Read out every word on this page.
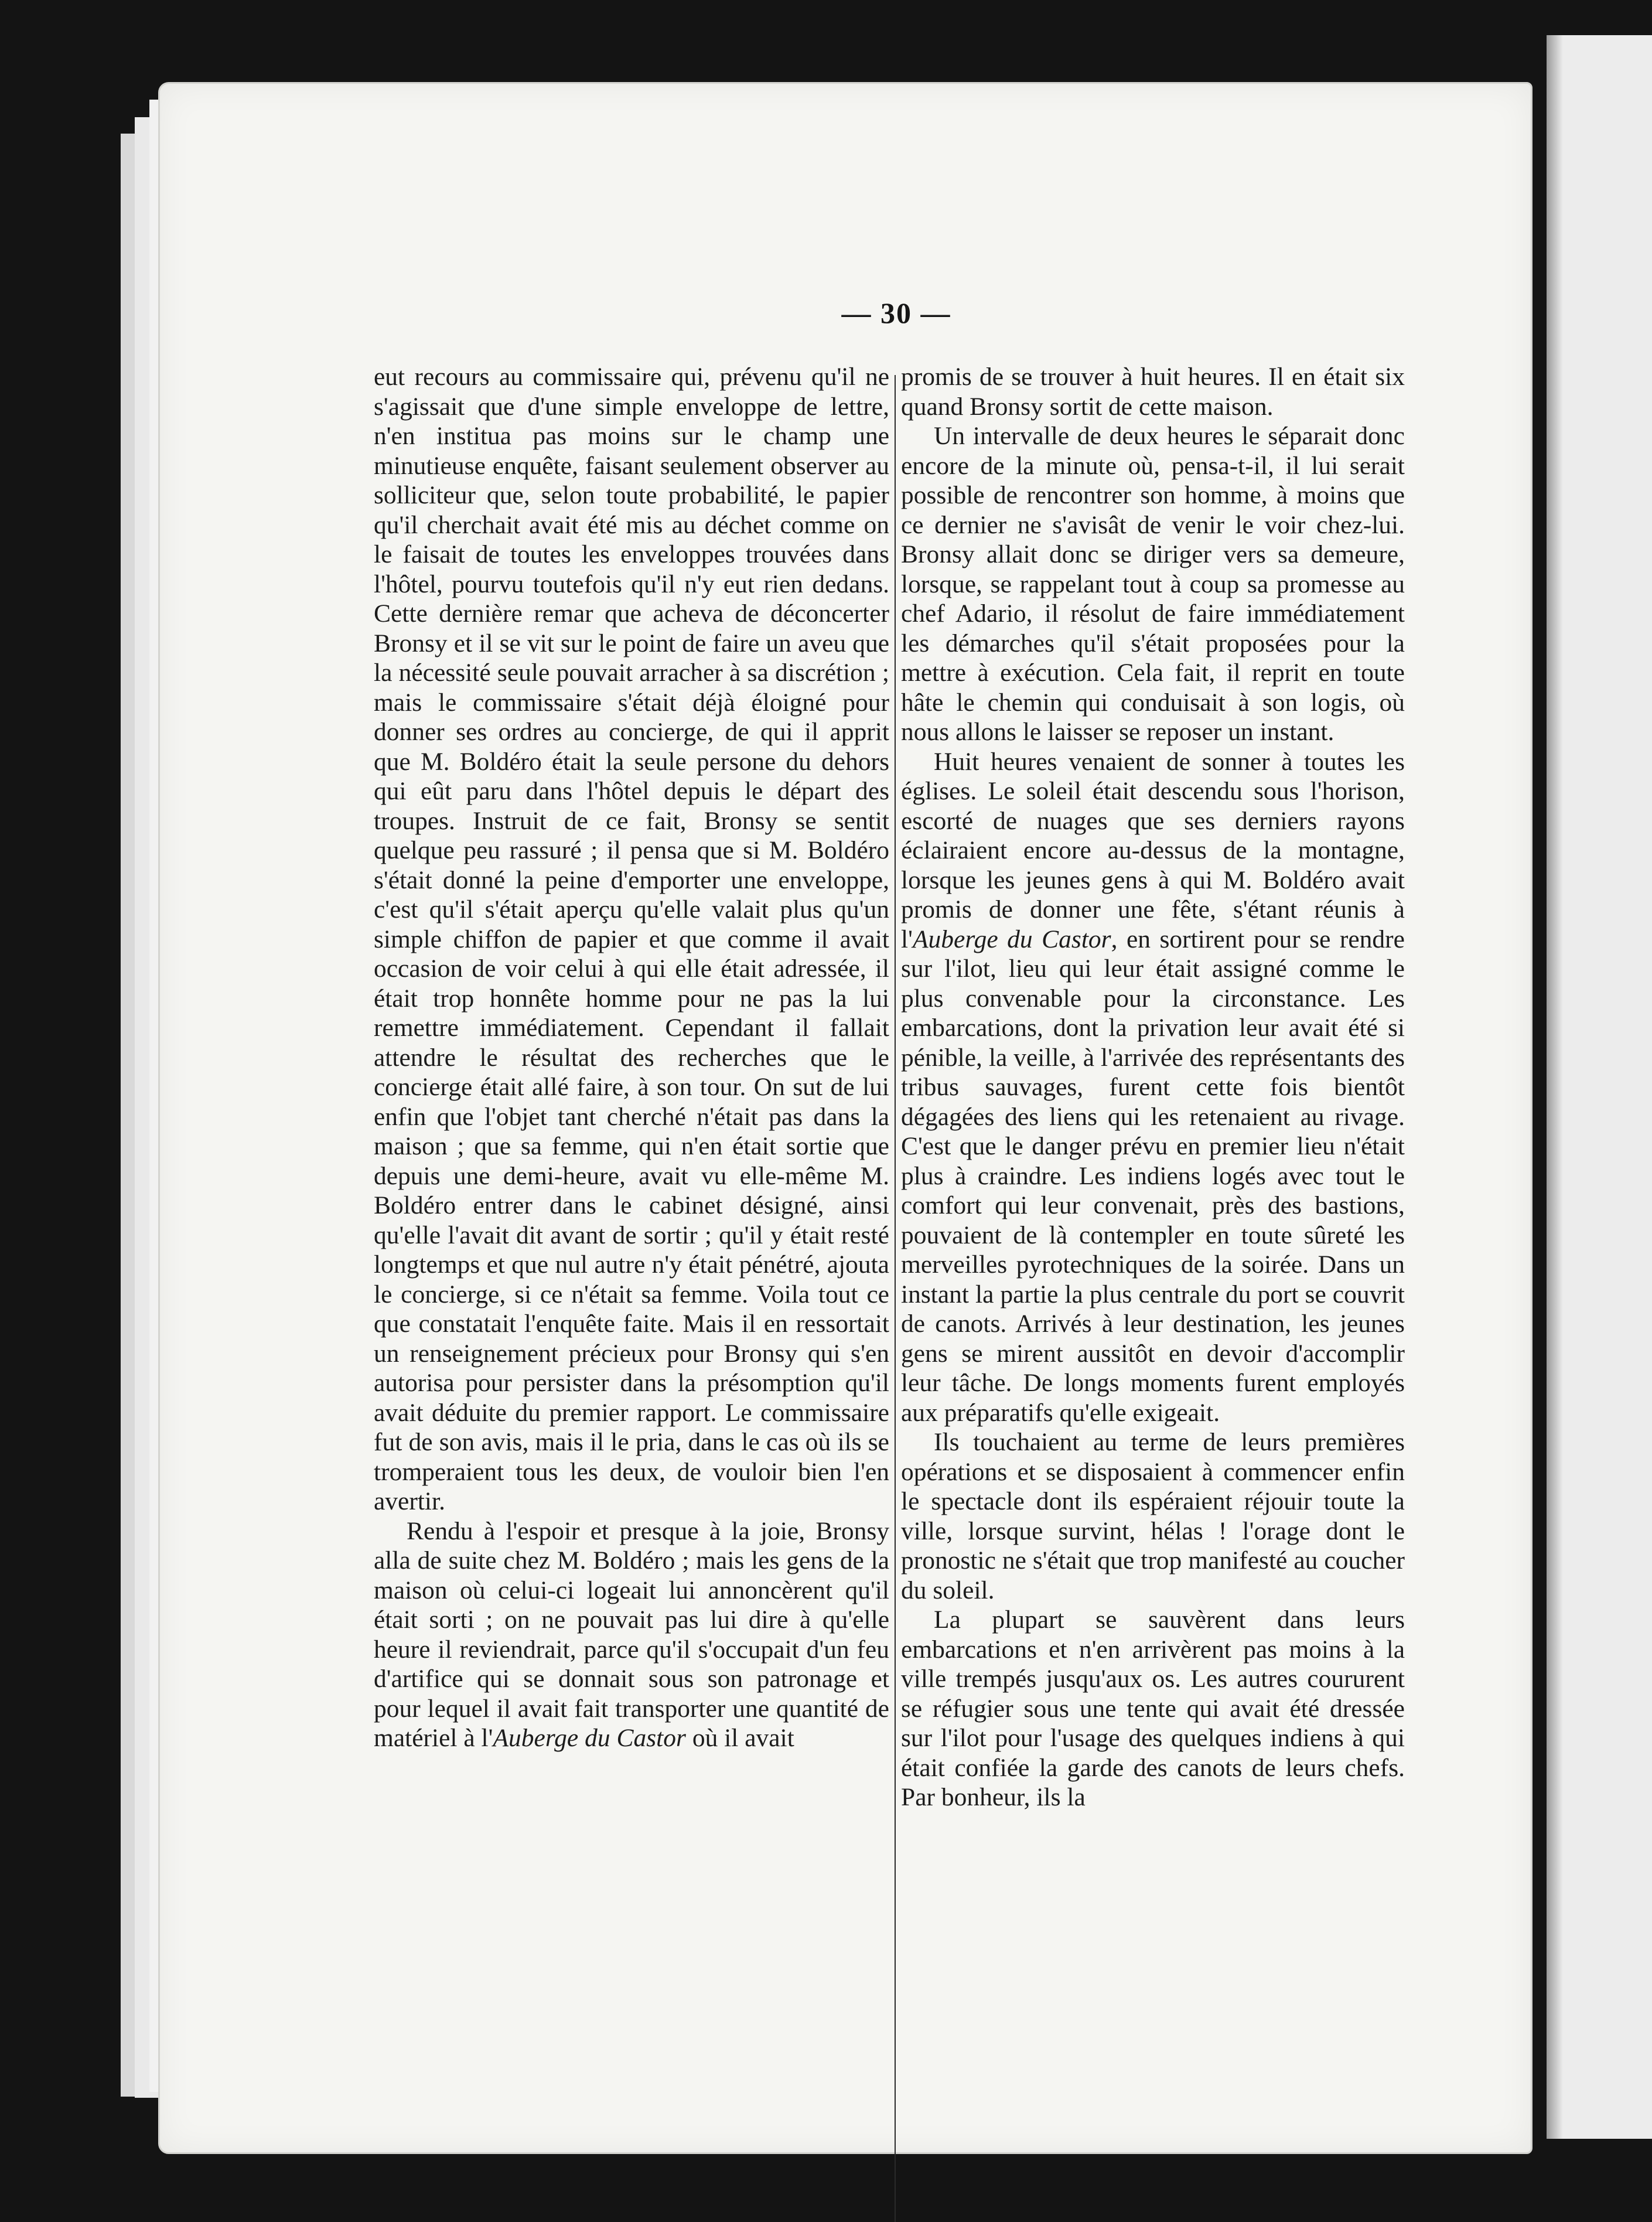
— 30 —

eut recours au commissaire qui, prévenu qu'il ne s'agissait que d'une simple enveloppe de lettre, n'en institua pas moins sur le champ une minutieuse enquête, faisant seulement observer au solliciteur que, selon toute probabilité, le papier qu'il cherchait avait été mis au déchet comme on le faisait de toutes les enveloppes trouvées dans l'hôtel, pourvu toutefois qu'il n'y eut rien dedans. Cette dernière remar que acheva de déconcerter Bronsy et il se vit sur le point de faire un aveu que la nécessité seule pouvait arracher à sa discrétion ; mais le commissaire s'était déjà éloigné pour donner ses ordres au concierge, de qui il apprit que M. Boldéro était la seule persone du dehors qui eût paru dans l'hôtel depuis le départ des troupes. Instruit de ce fait, Bronsy se sentit quelque peu rassuré ; il pensa que si M. Boldéro s'était donné la peine d'emporter une enveloppe, c'est qu'il s'était aperçu qu'elle valait plus qu'un simple chiffon de papier et que comme il avait occasion de voir celui à qui elle était adressée, il était trop honnête homme pour ne pas la lui remettre immédiatement. Cependant il fallait attendre le résultat des recherches que le concierge était allé faire, à son tour. On sut de lui enfin que l'objet tant cherché n'était pas dans la maison ; que sa femme, qui n'en était sortie que depuis une demi-heure, avait vu elle-même M. Boldéro entrer dans le cabinet désigné, ainsi qu'elle l'avait dit avant de sortir ; qu'il y était resté longtemps et que nul autre n'y était pénétré, ajouta le concierge, si ce n'était sa femme. Voila tout ce que constatait l'enquête faite. Mais il en ressortait un renseignement précieux pour Bronsy qui s'en autorisa pour persister dans la présomption qu'il avait déduite du premier rapport. Le commissaire fut de son avis, mais il le pria, dans le cas où ils se tromperaient tous les deux, de vouloir bien l'en avertir.

Rendu à l'espoir et presque à la joie, Bronsy alla de suite chez M. Boldéro ; mais les gens de la maison où celui-ci logeait lui annoncèrent qu'il était sorti ; on ne pouvait pas lui dire à qu'elle heure il reviendrait, parce qu'il s'occupait d'un feu d'artifice qui se donnait sous son patronage et pour lequel il avait fait transporter une quantité de matériel à l'Auberge du Castor où il avait

promis de se trouver à huit heures. Il en était six quand Bronsy sortit de cette maison.

Un intervalle de deux heures le séparait donc encore de la minute où, pensa-t-il, il lui serait possible de rencontrer son homme, à moins que ce dernier ne s'avisât de venir le voir chez-lui. Bronsy allait donc se diriger vers sa demeure, lorsque, se rappelant tout à coup sa promesse au chef Adario, il résolut de faire immédiatement les démarches qu'il s'était proposées pour la mettre à exécution. Cela fait, il reprit en toute hâte le chemin qui conduisait à son logis, où nous allons le laisser se reposer un instant.

Huit heures venaient de sonner à toutes les églises. Le soleil était descendu sous l'horison, escorté de nuages que ses derniers rayons éclairaient encore au-dessus de la montagne, lorsque les jeunes gens à qui M. Boldéro avait promis de donner une fête, s'étant réunis à l'Auberge du Castor, en sortirent pour se rendre sur l'ilot, lieu qui leur était assigné comme le plus convenable pour la circonstance. Les embarcations, dont la privation leur avait été si pénible, la veille, à l'arrivée des représentants des tribus sauvages, furent cette fois bientôt dégagées des liens qui les retenaient au rivage. C'est que le danger prévu en premier lieu n'était plus à craindre. Les indiens logés avec tout le comfort qui leur convenait, près des bastions, pouvaient de là contempler en toute sûreté les merveilles pyrotechniques de la soirée. Dans un instant la partie la plus centrale du port se couvrit de canots. Arrivés à leur destination, les jeunes gens se mirent aussitôt en devoir d'accomplir leur tâche. De longs moments furent employés aux préparatifs qu'elle exigeait.

Ils touchaient au terme de leurs premières opérations et se disposaient à commencer enfin le spectacle dont ils espéraient réjouir toute la ville, lorsque survint, hélas ! l'orage dont le pronostic ne s'était que trop manifesté au coucher du soleil.

La plupart se sauvèrent dans leurs embarcations et n'en arrivèrent pas moins à la ville trempés jusqu'aux os. Les autres coururent se réfugier sous une tente qui avait été dressée sur l'ilot pour l'usage des quelques indiens à qui était confiée la garde des canots de leurs chefs. Par bonheur, ils la
